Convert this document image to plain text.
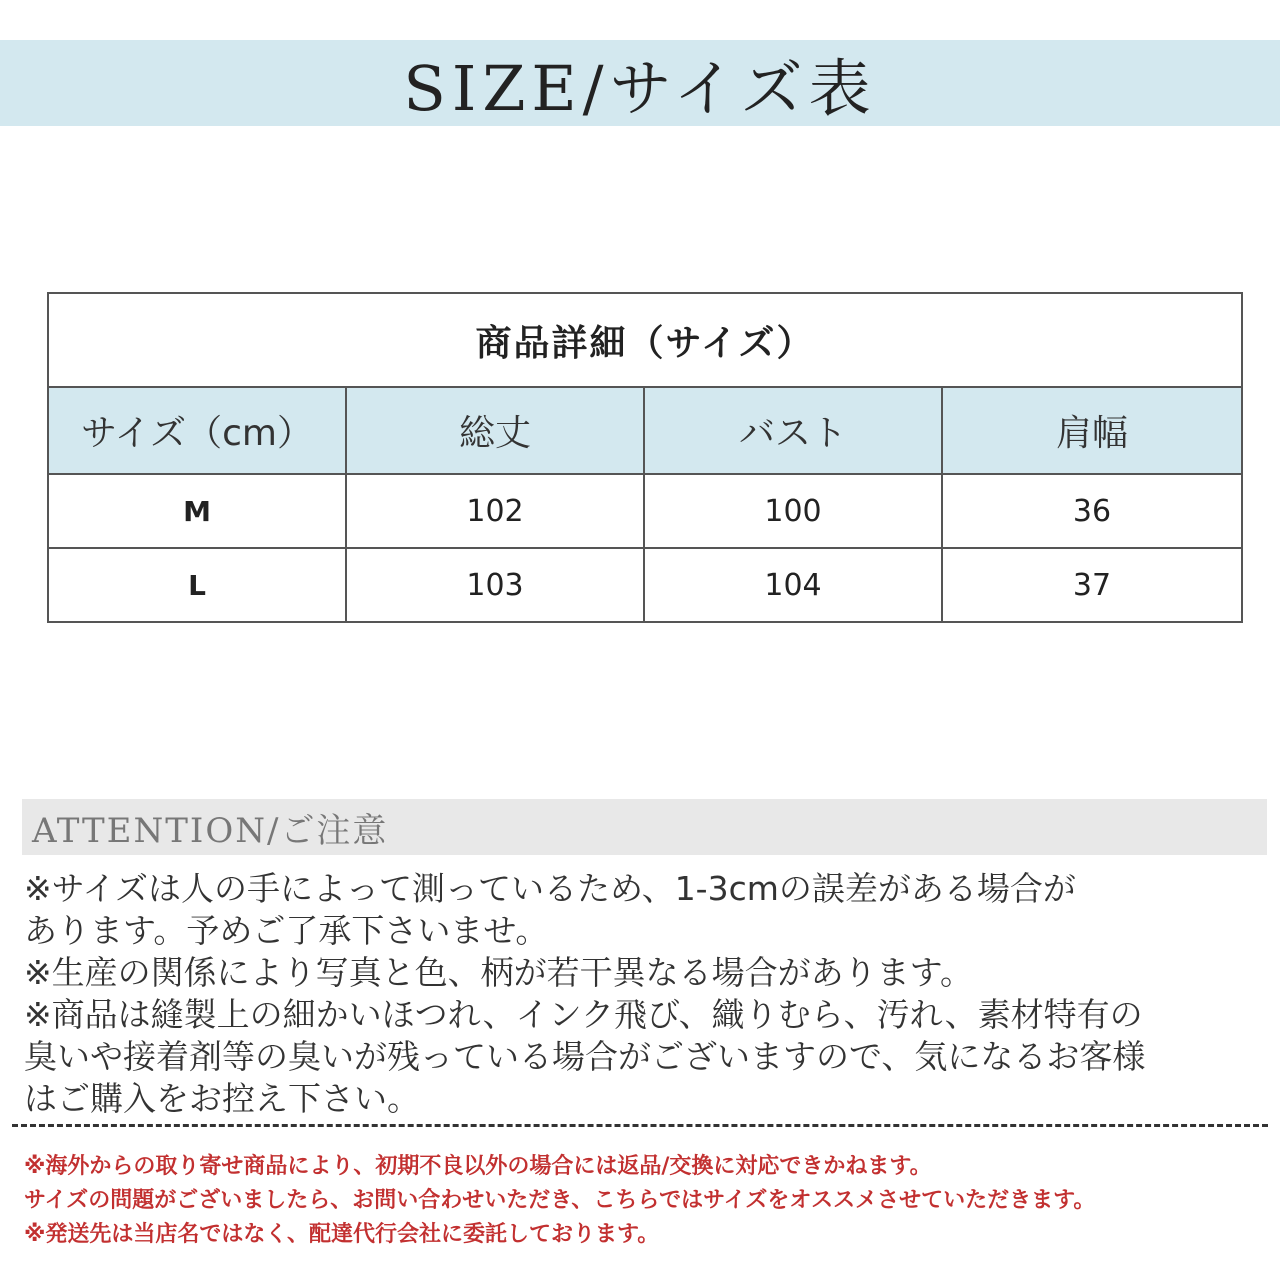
SIZE/サイズ表
商品詳細（サイズ）			
サイズ（cm）	総丈	バスト	肩幅
M	102	100	36
L	103	104	37
ATTENTION/ご注意

※サイズは人の手によって測っているため、1-3cmの誤差がある場合が

あります。予めご了承下さいませ。

※生産の関係により写真と色、柄が若干異なる場合があります。

※商品は縫製上の細かいほつれ、インク飛び、織りむら、汚れ、素材特有の

臭いや接着剤等の臭いが残っている場合がございますので、気になるお客様

はご購入をお控え下さい。

※海外からの取り寄せ商品により、初期不良以外の場合には返品/交換に対応できかねます。

サイズの問題がございましたら、お問い合わせいただき、こちらではサイズをオススメさせていただきます。

※発送先は当店名ではなく、配達代行会社に委託しております。
